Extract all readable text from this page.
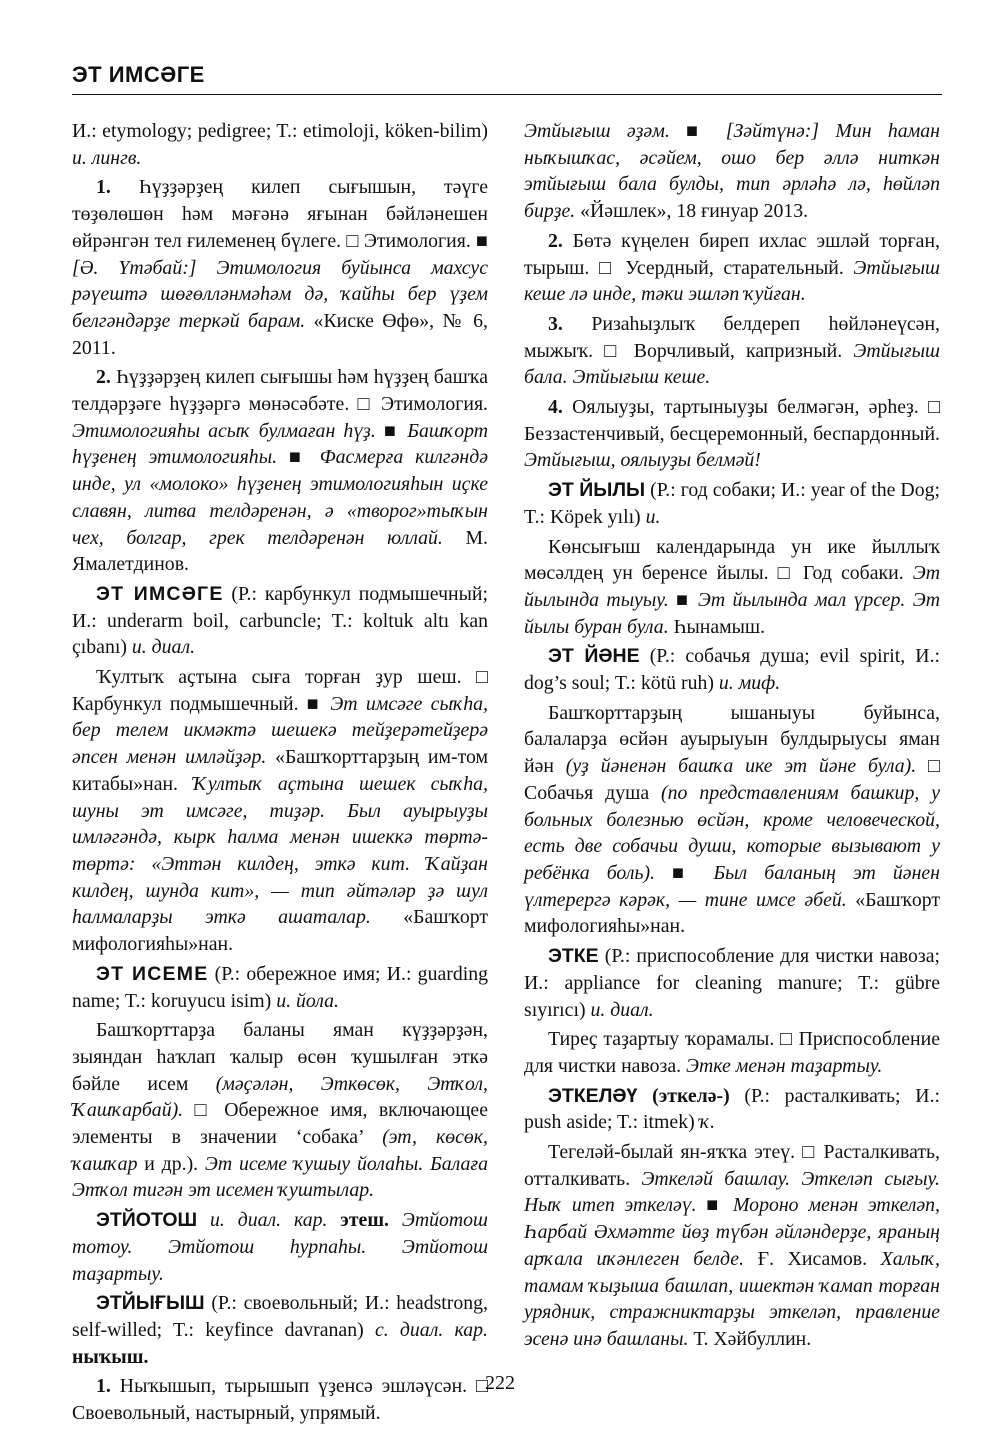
ЭТ ИМСӘГЕ

И.: etymology; pedigree; T.: etimoloji, köken-bilim) и. лингв.

1. Һүҙҙәрҙең килеп сығышын, тәүге төҙөлөшөн һәм мәғәнә яғынан бәйләнешен өйрәнгән тел ғилеменең бүлеге. □ Этимология. ■ [Ә. Үтәбай:] Этимология буйынса махсус рәүештә шөғөлләнмәһәм дә, ҡайһы бер үҙем белгәндәрҙе теркәй барам. «Киске Өфө», № 6, 2011.

2. Һүҙҙәрҙең килеп сығышы һәм һүҙҙең башҡа телдәрҙәге һүҙҙәргә мөнәсәбәте. □ Этимология. Этимологияһы асыҡ булмаған һүҙ. ■ Башҡорт һүҙенең этимологияһы. ■ Фасмерға килгәндә инде, ул «молоко» һүҙенең этимологияһын иҫке славян, литва телдәренән, ә «творог»тыҡын чех, болгар, грек телдәренән юллай. М. Ямалетдинов.

ЭТ ИМСӘГЕ (Р.: карбункул подмышечный; И.: underarm boil, carbuncle; T.: koltuk altı kan çıbanı) и. диал.

Ҡултыҡ аҫтына сыға торған ҙур шеш. □ Карбункул подмышечный. ■ Эт имсәге сыҡһа, бер телем икмәктә шешекә тейҙерәтейҙерә әпсен менән имләйҙәр. «Башҡорттарҙың им-том китабы»нан. Ҡултыҡ аҫтына шешек сыҡһа, шуны эт имсәге, тиҙәр. Был ауырыуҙы имләгәндә, кырк һалма менән ишеккә төртә-төртә: «Эттән килдең, эткә кит. Ҡайҙан килдең, шунда кит», — тип әйтәләр ҙә шул һалмаларҙы эткә ашаталар. «Башҡорт мифологияһы»нан.

ЭТ ИСЕМЕ (Р.: обережное имя; И.: guarding name; T.: koruyucu isim) и. йола.

Башҡорттарҙа баланы яман күҙҙәрҙән, зыяндан һаҡлап ҡалыр өсөн ҡушылған эткә бәйле исем (мәҫәлән, Эткөсөк, Этҡол, Ҡашҡарбай). □ Обережное имя, включающее элементы в значении ‘собака’ (эт, көсөк, ҡашҡар и др.). Эт исеме ҡушыу йолаһы. Балаға Этҡол тигән эт исемен ҡуштылар.

ЭТЙОТОШ и. диал. кар. этеш. Этйотош тотоу. Этйотош һурпаһы. Этйотош таҙартыу.

ЭТЙЫҒЫШ (Р.: своевольный; И.: headstrong, self-willed; T.: keyfince davranan) с. диал. кар. ныҡыш.

1. Ныҡышып, тырышып үҙенсә эшләүсән. □ Своевольный, настырный, упрямый.

Этйығыш әҙәм. ■ [Зәйтүнә:] Мин һаман ныҡышҡас, әсәйем, ошо бер әллә ниткән этйығыш бала булды, тип әрләһә лә, һөйләп бирҙе. «Йәшлек», 18 ғинуар 2013.

2. Бөтә күңелен биреп ихлас эшләй торған, тырыш. □ Усердный, старательный. Этйығыш кеше лә инде, тәки эшләп ҡуйған.

3. Ризаһыҙлыҡ белдереп һөйләнеүсән, мыжыҡ. □ Ворчливый, капризный. Этйығыш бала. Этйығыш кеше.

4. Оялыуҙы, тартыныуҙы белмәгән, әрһеҙ. □ Беззастенчивый, бесцеремонный, беспардонный. Этйығыш, оялыуҙы белмәй!

ЭТ ЙЫЛЫ (Р.: год собаки; И.: year of the Dog; T.: Köpek yılı) и.

Көнсығыш календарында ун ике йыллыҡ мөсәлдең ун беренсе йылы. □ Год собаки. Эт йылында тыуыу. ■ Эт йылында мал үрсер. Эт йылы буран була. Һынамыш.

ЭТ ЙӘНЕ (Р.: собачья душа; evil spirit, И.: dog’s soul; T.: kötü ruh) и. миф.

Башҡорттарҙың ышаныуы буйынса, балаларҙа өсйән ауырыуын булдырыусы яман йән (уҙ йәненән башҡа ике эт йәне була). □ Собачья душа (по представлениям башкир, у больных болезнью өсйән, кроме человеческой, есть две собачьи души, которые вызывают у ребёнка боль). ■ Был баланың эт йәнен үлтерергә кәрәк, — тине имсе әбей. «Башҡорт мифологияһы»нан.

ЭТКЕ (Р.: приспособление для чистки навоза; И.: appliance for cleaning manure; T.: gübre sıyırıcı) и. диал.

Тиреҫ таҙартыу ҡорамалы. □ Приспособление для чистки навоза. Этке менән таҙартыу.

ЭТКЕЛӘҮ (эткелә-) (Р.: расталкивать; И.: push aside; T.: itmek) ҡ.

Тегеләй-былай ян-яҡҡа этеү. □ Расталкивать, отталкивать. Эткеләй башлау. Эткеләп сығыу. Ныҡ итеп эткеләү. ■ Мороно менән эткеләп, Һарбай Әхмәтте йөҙ түбән әйләндерҙе, яраның арҡала иҡәнлеген белде. Ғ. Хисамов. Халыҡ, тамам ҡыҙыша башлап, ишектән ҡамап торған урядник, стражниктарҙы эткеләп, правление эсенә инә башланы. Т. Хәйбуллин.

222
